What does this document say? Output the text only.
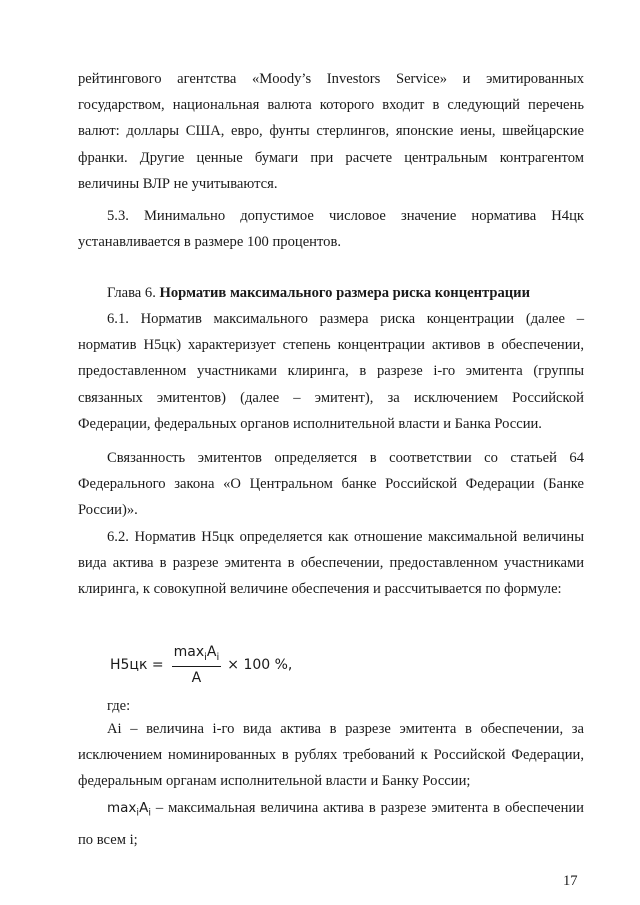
рейтингового агентства «Moody’s Investors Service» и эмитированных государством, национальная валюта которого входит в следующий перечень валют: доллары США, евро, фунты стерлингов, японские иены, швейцарские франки. Другие ценные бумаги при расчете центральным контрагентом величины ВЛР не учитываются.

5.3. Минимально допустимое числовое значение норматива Н4цк устанавливается в размере 100 процентов.

Глава 6. Норматив максимального размера риска концентрации

6.1. Норматив максимального размера риска концентрации (далее – норматив Н5цк) характеризует степень концентрации активов в обеспечении, предоставленном участниками клиринга, в разрезе i-го эмитента (группы связанных эмитентов) (далее – эмитент), за исключением Российской Федерации, федеральных органов исполнительной власти и Банка России.

Связанность эмитентов определяется в соответствии со статьей 64 Федерального закона «О Центральном банке Российской Федерации (Банке России)».

6.2. Норматив Н5цк определяется как отношение максимальной величины вида актива в разрезе эмитента в обеспечении, предоставленном участниками клиринга, к совокупной величине обеспечения и рассчитывается по формуле:

$Н5цк = \frac{\max_iA_i}{A} \times 100$ %,

где:

Ai – величина i-го вида актива в разрезе эмитента в обеспечении, за исключением номинированных в рублях требований к Российской Федерации, федеральным органам исполнительной власти и Банку России;

$\max_iA_i$ – максимальная величина актива в разрезе эмитента в обеспечении по всем i;

17
